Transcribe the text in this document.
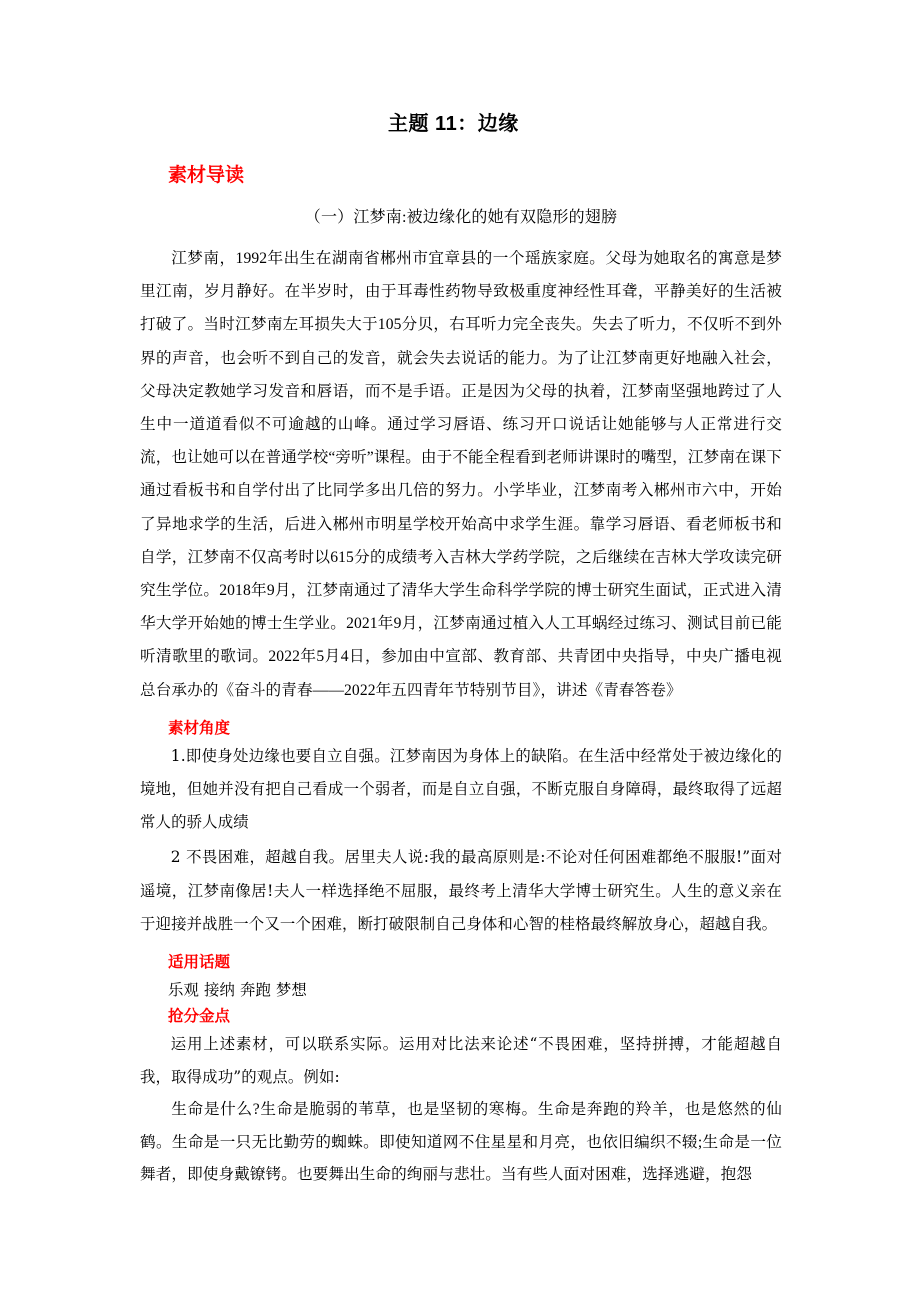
主题 11：边缘
素材导读

（一）江梦南:被边缘化的她有双隐形的翅膀

江梦南，1992年出生在湖南省郴州市宜章县的一个瑶族家庭。父母为她取名的寓意是梦里江南，岁月静好。在半岁时，由于耳毒性药物导致极重度神经性耳聋，平静美好的生活被打破了。当时江梦南左耳损失大于105分贝，右耳听力完全丧失。失去了听力，不仅听不到外界的声音，也会听不到自己的发音，就会失去说话的能力。为了让江梦南更好地融入社会，父母决定教她学习发音和唇语，而不是手语。正是因为父母的执着，江梦南坚强地跨过了人生中一道道看似不可逾越的山峰。通过学习唇语、练习开口说话让她能够与人正常进行交流，也让她可以在普通学校“旁听”课程。由于不能全程看到老师讲课时的嘴型，江梦南在课下通过看板书和自学付出了比同学多出几倍的努力。小学毕业，江梦南考入郴州市六中，开始了异地求学的生活，后进入郴州市明星学校开始高中求学生涯。靠学习唇语、看老师板书和自学，江梦南不仅高考时以615分的成绩考入吉林大学药学院，之后继续在吉林大学攻读完研究生学位。2018年9月，江梦南通过了清华大学生命科学学院的博士研究生面试，正式进入清华大学开始她的博士生学业。2021年9月，江梦南通过植入人工耳蜗经过练习、测试目前已能听清歌里的歌词。2022年5月4日，参加由中宣部、教育部、共青团中央指导，中央广播电视总台承办的《奋斗的青春——2022年五四青年节特别节目》，讲述《青春答卷》

素材角度

1.即使身处边缘也要自立自强。江梦南因为身体上的缺陷。在生活中经常处于被边缘化的境地，但她并没有把自己看成一个弱者，而是自立自强，不断克服自身障碍，最终取得了远超常人的骄人成绩

2 不畏困难，超越自我。居里夫人说:我的最高原则是:不论对任何困难都绝不服服!”面对遥境，江梦南像居!夫人一样选择绝不屈服，最终考上清华大学博士研究生。人生的意义亲在于迎接并战胜一个又一个困难，断打破限制自己身体和心智的桂格最终解放身心，超越自我。

适用话题

乐观 接纳 奔跑 梦想

抢分金点

运用上述素材，可以联系实际。运用对比法来论述“不畏困难，坚持拼搏，才能超越自我，取得成功”的观点。例如:

生命是什么?生命是脆弱的苇草，也是坚韧的寒梅。生命是奔跑的羚羊，也是悠然的仙鹤。生命是一只无比勤劳的蜘蛛。即使知道网不住星星和月亮，也依旧编织不辍;生命是一位舞者，即使身戴镣铐。也要舞出生命的绚丽与悲壮。当有些人面对困难，选择逃避，抱怨
